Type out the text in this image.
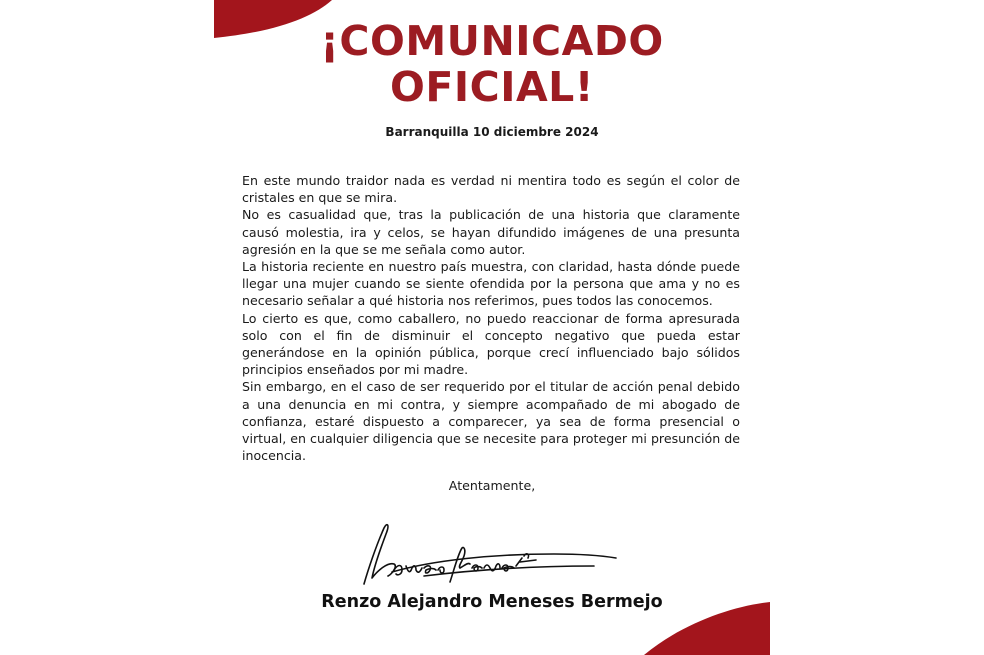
¡COMUNICADO
OFICIAL!
Barranquilla 10 diciembre 2024

En este mundo traidor nada es verdad ni mentira todo es según el color de cristales en que se mira.

No es casualidad que, tras la publicación de una historia que claramente causó molestia, ira y celos, se hayan difundido imágenes de una presunta agresión en la que se me señala como autor.

La historia reciente en nuestro país muestra, con claridad, hasta dónde puede llegar una mujer cuando se siente ofendida por la persona que ama y no es necesario señalar a qué historia nos referimos, pues todos las conocemos.

Lo cierto es que, como caballero, no puedo reaccionar de forma apresurada solo con el fin de disminuir el concepto negativo que pueda estar generándose en la opinión pública, porque crecí influenciado bajo sólidos principios enseñados por mi madre.

Sin embargo, en el caso de ser requerido por el titular de acción penal debido a una denuncia en mi contra, y siempre acompañado de mi abogado de confianza, estaré dispuesto a comparecer, ya sea de forma presencial o virtual, en cualquier diligencia que se necesite para proteger mi presunción de inocencia.

Atentamente,
Renzo Alejandro Meneses Bermejo
